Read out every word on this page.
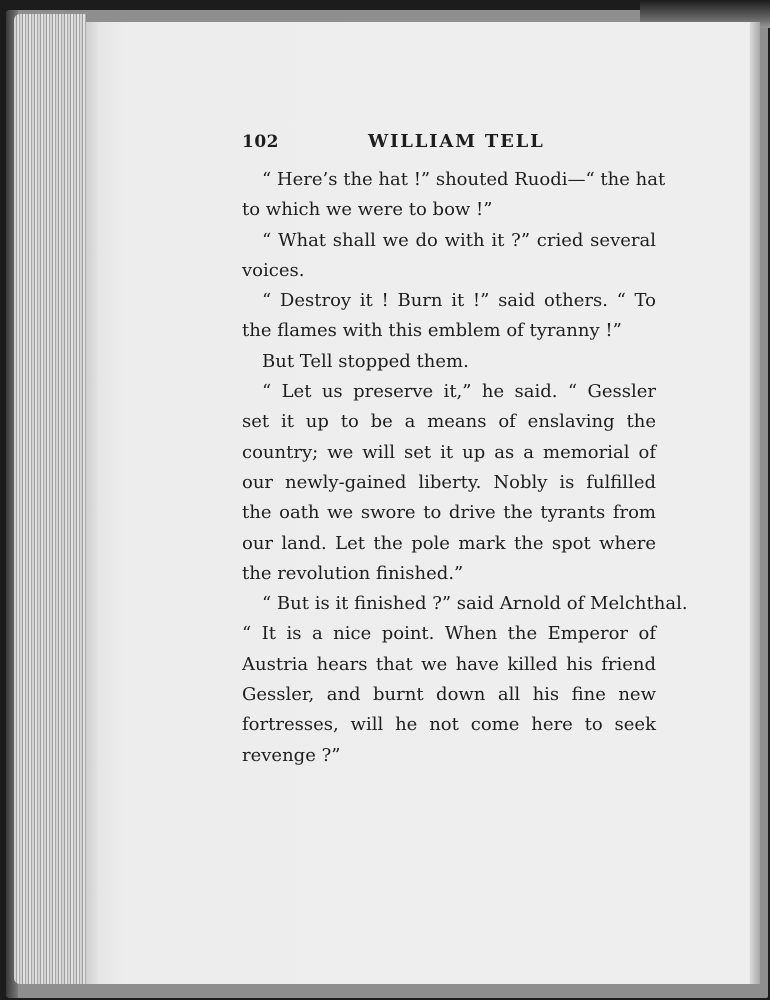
102	WILLIAM TELL
“ Here’s the hat !” shouted Ruodi—“ the hat
to which we were to bow !”
“ What shall we do with it ?” cried several
voices.
“ Destroy it ! Burn it !” said others. “ To
the flames with this emblem of tyranny !”
But Tell stopped them.
“ Let us preserve it,” he said. “ Gessler
set it up to be a means of enslaving the
country; we will set it up as a memorial of
our newly-gained liberty. Nobly is fulfilled
the oath we swore to drive the tyrants from
our land. Let the pole mark the spot where
the revolution finished.”
“ But is it finished ?” said Arnold of Melchthal.
“ It is a nice point. When the Emperor of
Austria hears that we have killed his friend
Gessler, and burnt down all his fine new
fortresses, will he not come here to seek
revenge ?”
